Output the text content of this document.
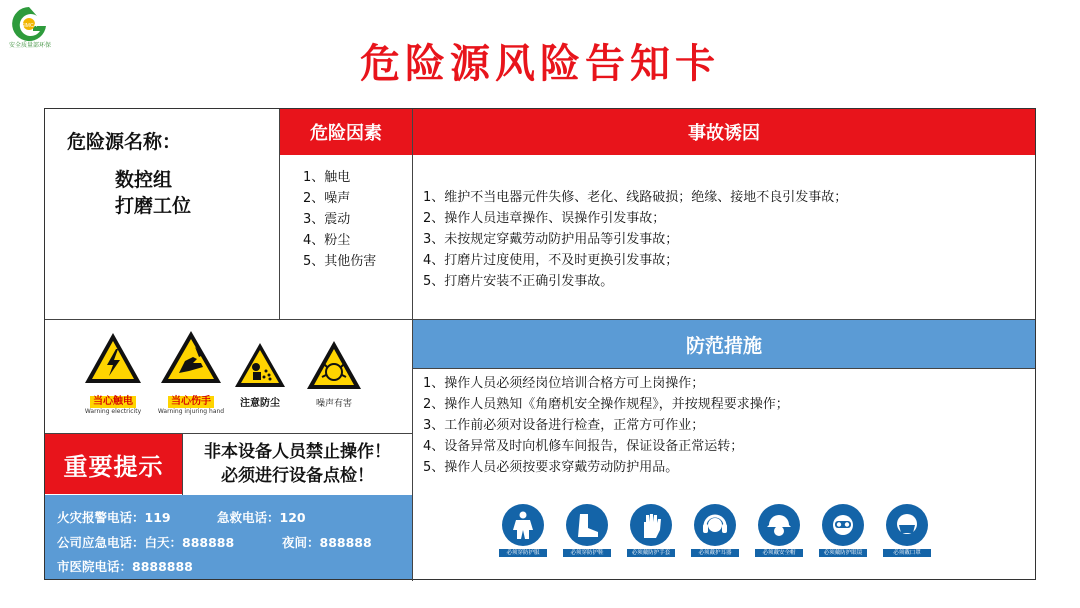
SIMCA
安全质量部环保	危险源风险告知卡
危险源名称：
数控组
打磨工位
危险因素
1、触电
2、噪声
3、震动
4、粉尘
5、其他伤害
事故诱因
1、维护不当电器元件失修、老化、线路破损；绝缘、接地不良引发事故；
2、操作人员违章操作、误操作引发事故；
3、未按规定穿戴劳动防护用品等引发事故；
4、打磨片过度使用，不及时更换引发事故；
5、打磨片安装不正确引发事故。
当心触电
Warning electricity
当心伤手
Warning injuring hand
注意防尘	噪声有害
重要提示
非本设备人员禁止操作！
必须进行设备点检！
火灾报警电话：119	急救电话：120
公司应急电话：白天：888888	夜间：888888
市医院电话：8888888
防范措施
1、操作人员必须经岗位培训合格方可上岗操作；
2、操作人员熟知《角磨机安全操作规程》，并按规程要求操作；
3、工作前必须对设备进行检查，正常方可作业；
4、设备异常及时向机修车间报告，保证设备正常运转；
5、操作人员必须按要求穿戴劳动防护用品。
必须穿防护服	必须穿防护鞋	必须戴防护手套	必须戴护耳器	必须戴安全帽	必须戴防护眼镜	必须戴口罩
